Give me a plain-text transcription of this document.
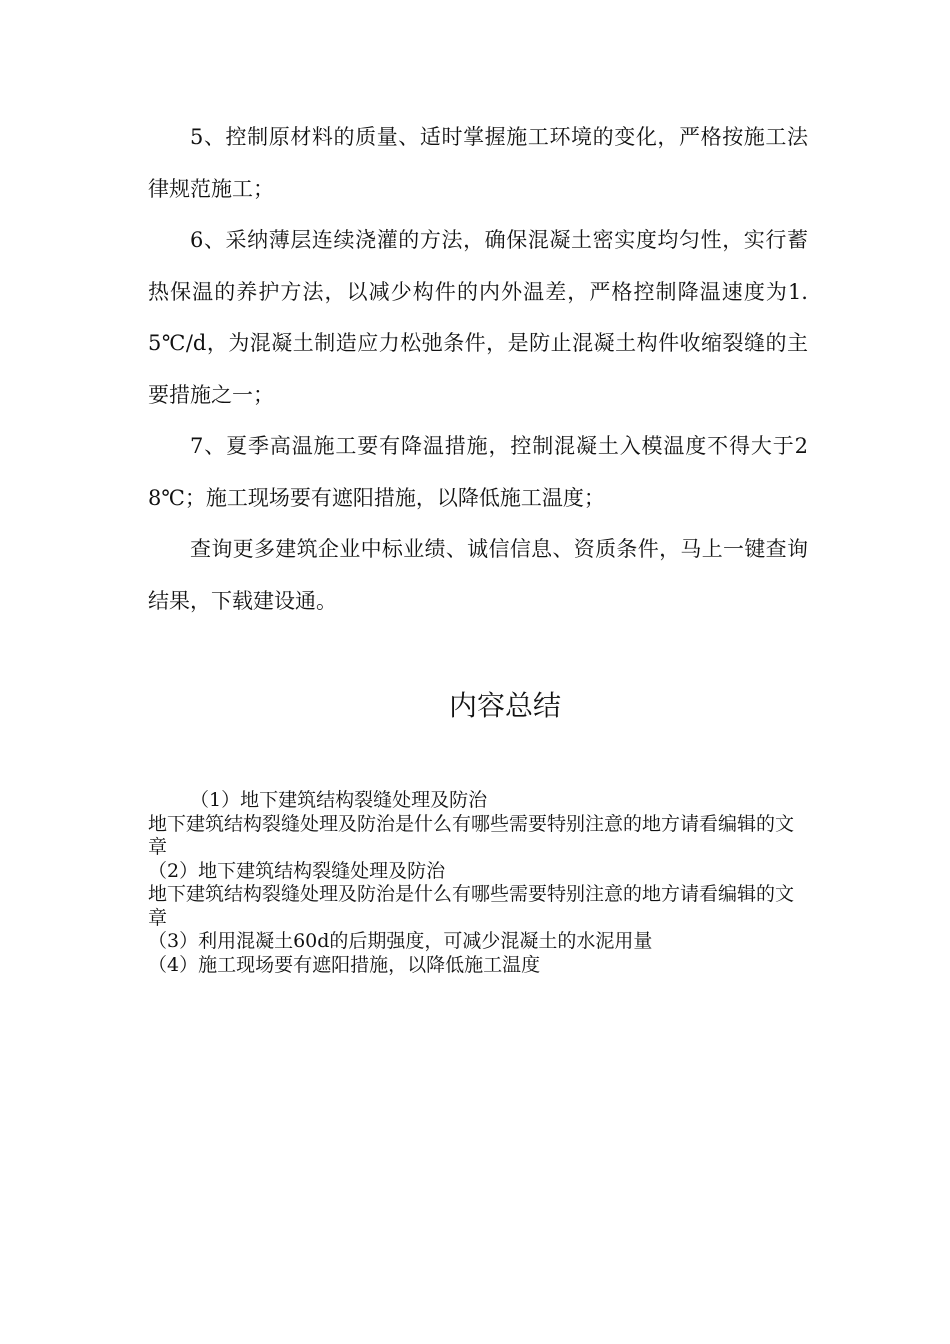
5、控制原材料的质量、适时掌握施工环境的变化，严格按施工法律规范施工；

6、采纳薄层连续浇灌的方法，确保混凝土密实度均匀性，实行蓄热保温的养护方法，以减少构件的内外温差，严格控制降温速度为1.5℃/d，为混凝土制造应力松弛条件，是防止混凝土构件收缩裂缝的主要措施之一；

7、夏季高温施工要有降温措施，控制混凝土入模温度不得大于28℃；施工现场要有遮阳措施，以降低施工温度；

查询更多建筑企业中标业绩、诚信信息、资质条件，马上一键查询结果，下载建设通。

内容总结
（1）地下建筑结构裂缝处理及防治
地下建筑结构裂缝处理及防治是什么有哪些需要特别注意的地方请看编辑的文章
（2）地下建筑结构裂缝处理及防治
地下建筑结构裂缝处理及防治是什么有哪些需要特别注意的地方请看编辑的文章
（3）利用混凝土60d的后期强度，可减少混凝土的水泥用量
（4）施工现场要有遮阳措施，以降低施工温度
